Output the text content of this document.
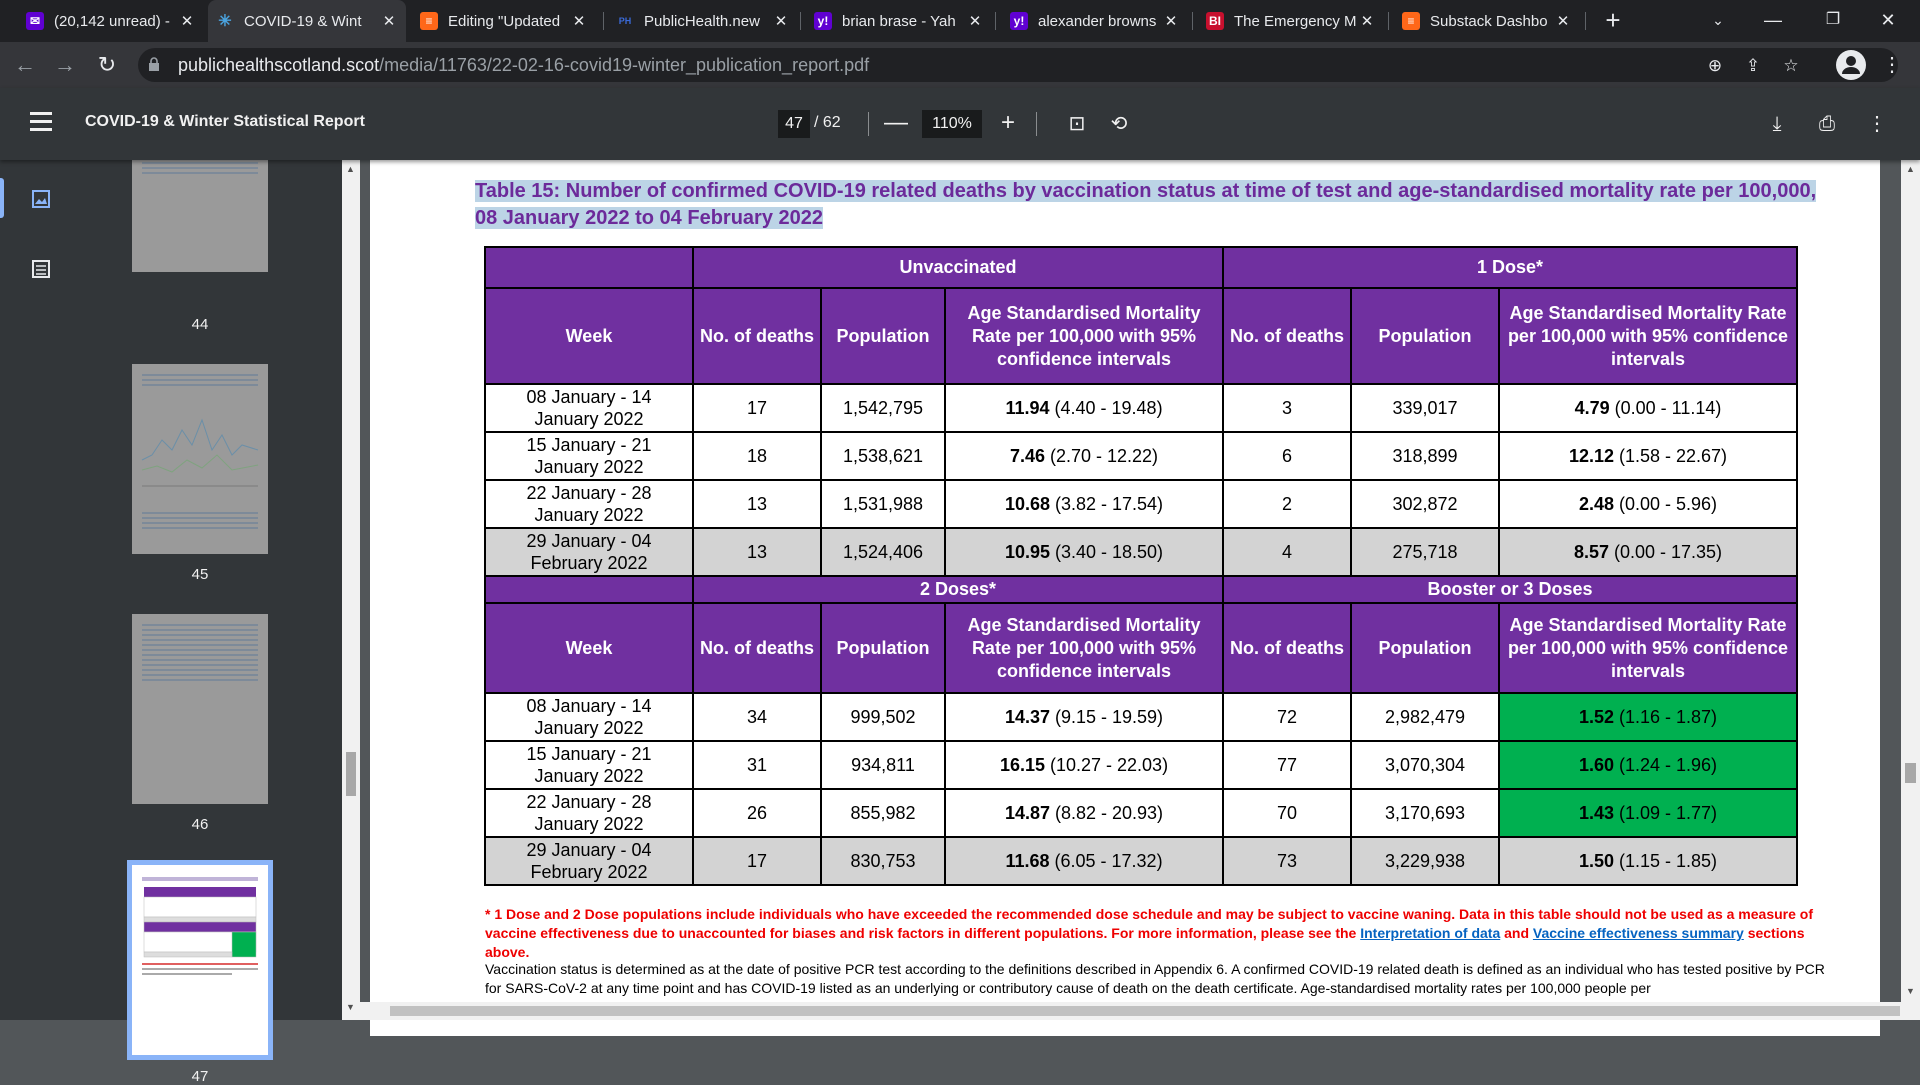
✉ (20,142 unread) - ✕ ✳ COVID-19 & Wint	✕	≡	Editing "Updated ✕	PH PublicHealth.new ✕	y! brian brase - Yah ✕	y! alexander browns ✕	BI The Emergency M ✕	≡	Substack Dashbo ✕ +	⌄	—	❐	✕
← → ↻	publichealthscotland.scot/media/11763/22-02-16-covid19-winter_publication_report.pdf	⊕	⇪	☆	⋮
COVID-19 & Winter Statistical Report	47 / 62 —	110%	+	⊡	⟲	⤓	⎙	⋮
44
45
46
47
▲
▼
Table 15: Number of confirmed COVID-19 related deaths by vaccination status at time of test and age-standardised mortality rate per 100,000, 08 January 2022 to 04 February 2022
	Unvaccinated			1 Dose*		
Week	No. of deaths	Population	Age Standardised Mortality Rate per 100,000 with 95% confidence intervals	No. of deaths	Population	Age Standardised Mortality Rate per 100,000 with 95% confidence intervals
08 January - 14 January 2022	17	1,542,795	11.94 (4.40 - 19.48)	3	339,017	4.79 (0.00 - 11.14)
15 January - 21 January 2022	18	1,538,621	7.46 (2.70 - 12.22)	6	318,899	12.12 (1.58 - 22.67)
22 January - 28 January 2022	13	1,531,988	10.68 (3.82 - 17.54)	2	302,872	2.48 (0.00 - 5.96)
29 January - 04 February 2022	13	1,524,406	10.95 (3.40 - 18.50)	4	275,718	8.57 (0.00 - 17.35)
	2 Doses*			Booster or 3 Doses		
Week	No. of deaths	Population	Age Standardised Mortality Rate per 100,000 with 95% confidence intervals	No. of deaths	Population	Age Standardised Mortality Rate per 100,000 with 95% confidence intervals
08 January - 14 January 2022	34	999,502	14.37 (9.15 - 19.59)	72	2,982,479	1.52 (1.16 - 1.87)
15 January - 21 January 2022	31	934,811	16.15 (10.27 - 22.03)	77	3,070,304	1.60 (1.24 - 1.96)
22 January - 28 January 2022	26	855,982	14.87 (8.82 - 20.93)	70	3,170,693	1.43 (1.09 - 1.77)
29 January - 04 February 2022	17	830,753	11.68 (6.05 - 17.32)	73	3,229,938	1.50 (1.15 - 1.85)
* 1 Dose and 2 Dose populations include individuals who have exceeded the recommended dose schedule and may be subject to vaccine waning. Data in this table should not be used as a measure of vaccine effectiveness due to unaccounted for biases and risk factors in different populations. For more information, please see the Interpretation of data and Vaccine effectiveness summary sections above.
Vaccination status is determined as at the date of positive PCR test according to the definitions described in Appendix 6. A confirmed COVID-19 related death is defined as an individual who has tested positive by PCR for SARS-CoV-2 at any time point and has COVID-19 listed as an underlying or contributory cause of death on the death certificate. Age-standardised mortality rates per 100,000 people per
▲
▼
